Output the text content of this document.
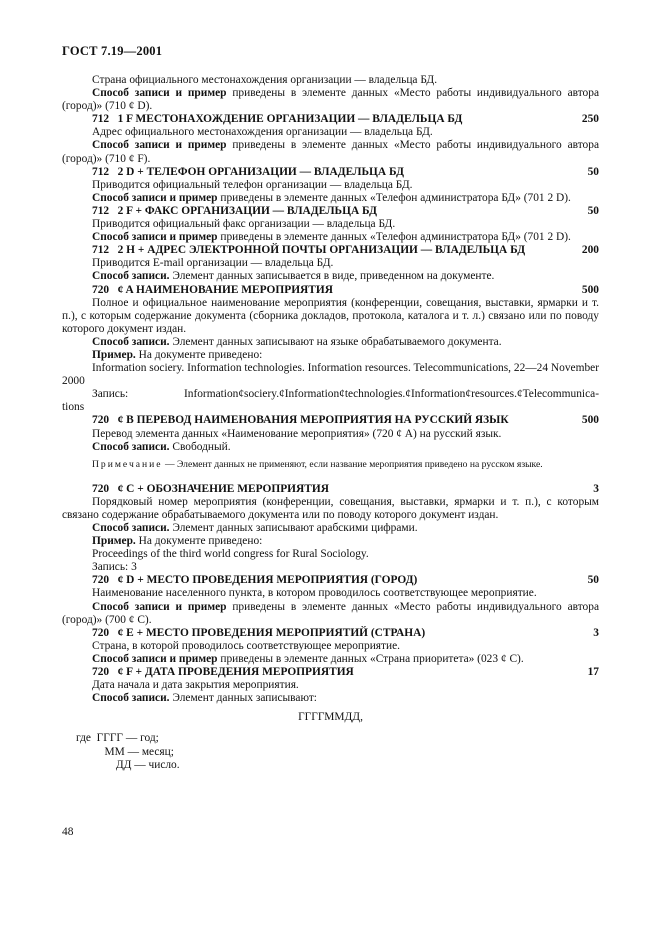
ГОСТ 7.19—2001

Страна официального местонахождения организации — владельца БД.

Способ записи и пример приведены в элементе данных «Место работы индивидуального автора (город)» (710 ¢ D).

712   1 F МЕСТОНАХОЖДЕНИЕ ОРГАНИЗАЦИИ — ВЛАДЕЛЬЦА БД	250

Адрес официального местонахождения организации — владельца БД.

Способ записи и пример приведены в элементе данных «Место работы индивидуального автора (город)» (710 ¢ F).

712   2 D + ТЕЛЕФОН ОРГАНИЗАЦИИ — ВЛАДЕЛЬЦА БД	50

Приводится официальный телефон организации — владельца БД.

Способ записи и пример приведены в элементе данных «Телефон администратора БД» (701 2 D).

712   2 F + ФАКС ОРГАНИЗАЦИИ — ВЛАДЕЛЬЦА БД	50

Приводится официальный факс организации — владельца БД.

Способ записи и пример приведены в элементе данных «Телефон администратора БД» (701 2 D).

712   2 H + АДРЕС ЭЛЕКТРОННОЙ ПОЧТЫ ОРГАНИЗАЦИИ — ВЛАДЕЛЬЦА БД	200

Приводится E-mail организации — владельца БД.

Способ записи. Элемент данных записывается в виде, приведенном на документе.

720   ¢ A НАИМЕНОВАНИЕ МЕРОПРИЯТИЯ	500

Полное и официальное наименование мероприятия (конференции, совещания, выставки, ярмарки и т. п.), с которым содержание документа (сборника докладов, протокола, каталога и т. л.) связано или по поводу которого документ издан.

Способ записи. Элемент данных записывают на языке обрабатываемого документа.

Пример. На документе приведено:

Information sociery. Information technologies. Information resources. Telecommunications, 22—24 November 2000

Запись:	Information¢sociery.¢Information¢technologies.¢Information¢resources.¢Telecommunica-
tions
720   ¢ B ПЕРЕВОД НАИМЕНОВАНИЯ МЕРОПРИЯТИЯ НА РУССКИЙ ЯЗЫК	500

Перевод элемента данных «Наименование мероприятия» (720 ¢ A) на русский язык.

Способ записи. Свободный.

Примечание — Элемент данных не применяют, если название мероприятия приведено на русском языке.

720   ¢ C + ОБОЗНАЧЕНИЕ МЕРОПРИЯТИЯ	3

Порядковый номер мероприятия (конференции, совещания, выставки, ярмарки и т. п.), с которым связано содержание обрабатываемого документа или по поводу которого документ издан.

Способ записи. Элемент данных записывают арабскими цифрами.

Пример. На документе приведено:

Proceedings of the third world congress for Rural Sociology.

Запись: 3

720   ¢ D + МЕСТО ПРОВЕДЕНИЯ МЕРОПРИЯТИЯ (ГОРОД)	50

Наименование населенного пункта, в котором проводилось соответствующее мероприятие.

Способ записи и пример приведены в элементе данных «Место работы индивидуального автора (город)» (700 ¢ C).

720   ¢ E + МЕСТО ПРОВЕДЕНИЯ МЕРОПРИЯТИЙ (СТРАНА)	3

Страна, в которой проводилось соответствующее мероприятие.

Способ записи и пример приведены в элементе данных «Страна приоритета» (023 ¢ C).

720   ¢ F + ДАТА ПРОВЕДЕНИЯ МЕРОПРИЯТИЯ	17

Дата начала и дата закрытия мероприятия.

Способ записи. Элемент данных записывают:

ГГГГММДД,
где  ГГГГ — год;
ММ — месяц;
ДД — число.
48
